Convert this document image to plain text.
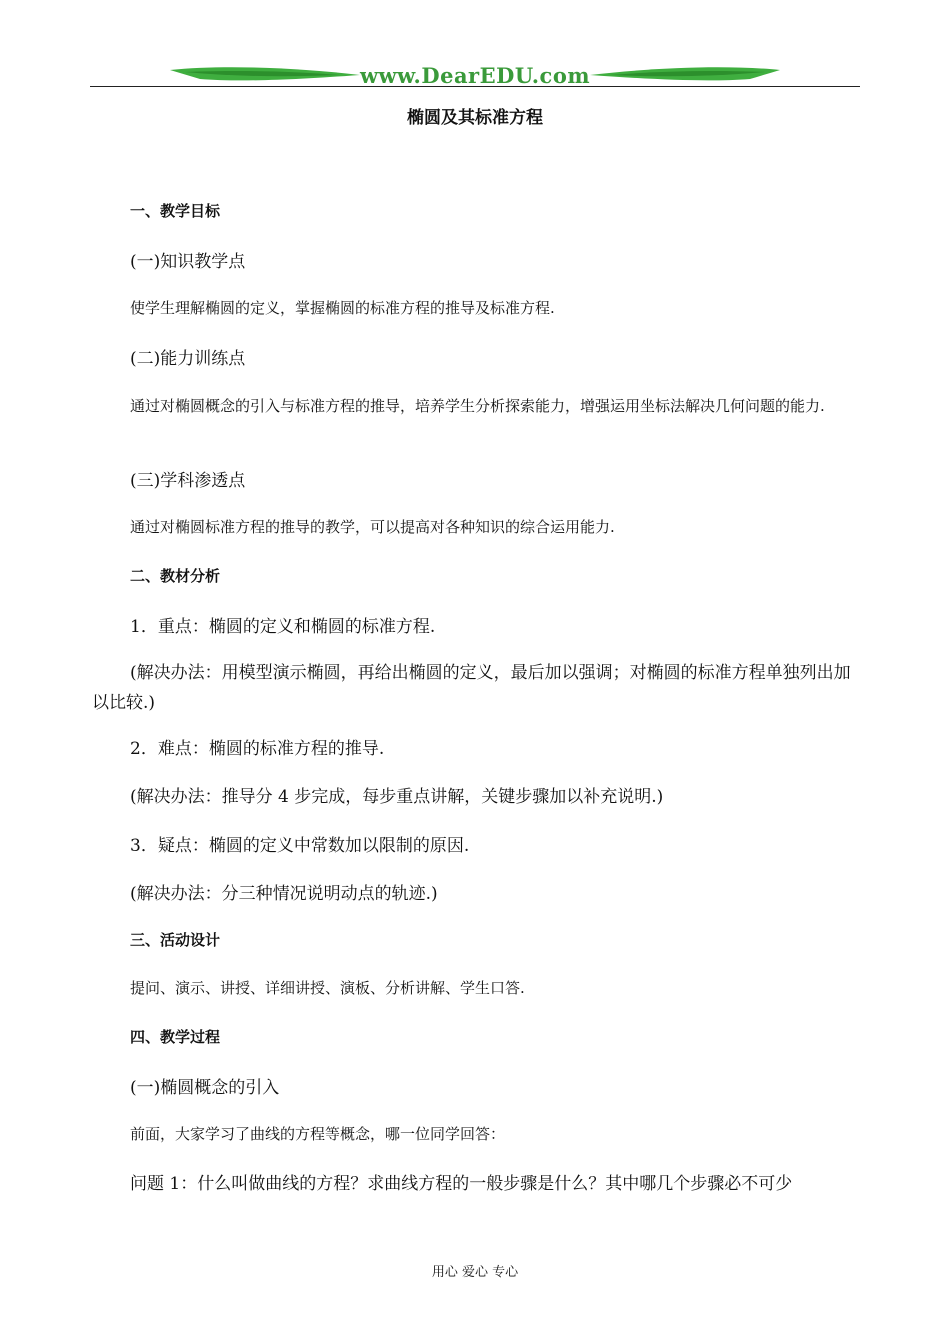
www.DearEDU.com
椭圆及其标准方程
一、教学目标
(一)知识教学点
使学生理解椭圆的定义，掌握椭圆的标准方程的推导及标准方程.
(二)能力训练点
通过对椭圆概念的引入与标准方程的推导，培养学生分析探索能力，增强运用坐标法解决几何问题的能力.
(三)学科渗透点
通过对椭圆标准方程的推导的教学，可以提高对各种知识的综合运用能力.
二、教材分析
1．重点：椭圆的定义和椭圆的标准方程.
(解决办法：用模型演示椭圆，再给出椭圆的定义，最后加以强调；对椭圆的标准方程单独列出加以比较.)
2．难点：椭圆的标准方程的推导.
(解决办法：推导分 4 步完成，每步重点讲解，关键步骤加以补充说明.)
3．疑点：椭圆的定义中常数加以限制的原因.
(解决办法：分三种情况说明动点的轨迹.)
三、活动设计
提问、演示、讲授、详细讲授、演板、分析讲解、学生口答.
四、教学过程
(一)椭圆概念的引入
前面，大家学习了曲线的方程等概念，哪一位同学回答：
问题 1：什么叫做曲线的方程？求曲线方程的一般步骤是什么？其中哪几个步骤必不可少
用心 爱心 专心
